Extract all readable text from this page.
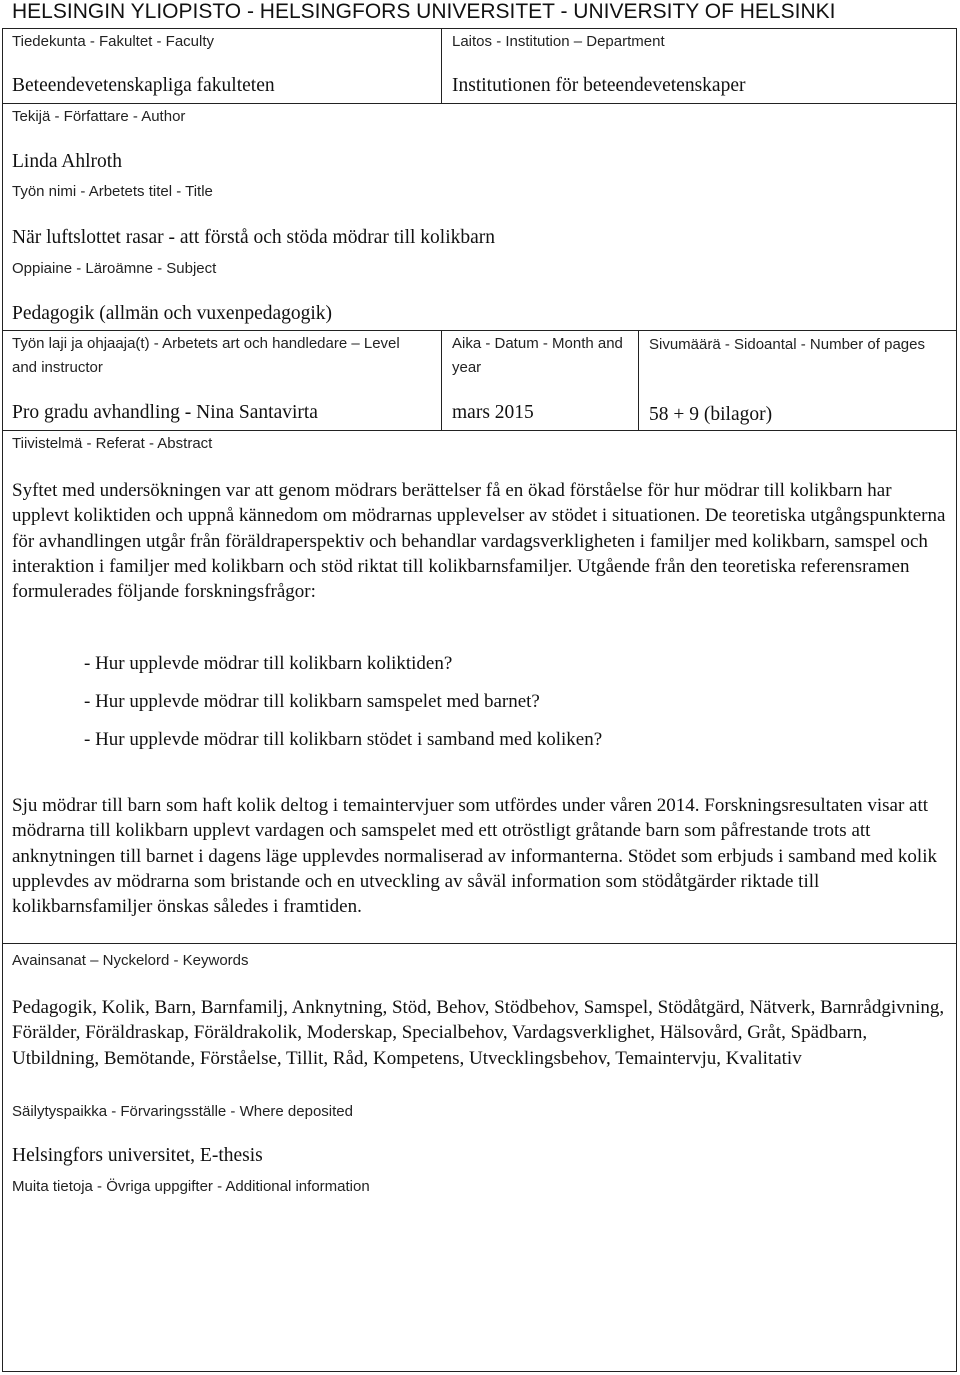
HELSINGIN YLIOPISTO - HELSINGFORS UNIVERSITET - UNIVERSITY OF HELSINKI
Tiedekunta - Fakultet - Faculty
Beteendevetenskapliga fakulteten
Laitos - Institution – Department
Institutionen för beteendevetenskaper
Tekijä - Författare - Author
Linda Ahlroth
Työn nimi - Arbetets titel - Title
När luftslottet rasar - att förstå och stöda mödrar till kolikbarn
Oppiaine - Läroämne - Subject
Pedagogik (allmän och vuxenpedagogik)
Työn laji ja ohjaaja(t) - Arbetets art och handledare – Level and instructor
Pro gradu avhandling - Nina Santavirta
Aika - Datum - Month and year
mars 2015
Sivumäärä - Sidoantal - Number of pages
58 + 9 (bilagor)
Tiivistelmä - Referat - Abstract
Syftet med undersökningen var att genom mödrars berättelser få en ökad förståelse för hur mödrar till kolikbarn har upplevt koliktiden och uppnå kännedom om mödrarnas upplevelser av stödet i situationen. De teoretiska utgångspunkterna för avhandlingen utgår från föräldraperspektiv och behandlar vardagsverkligheten i familjer med kolikbarn, samspel och interaktion i familjer med kolikbarn och stöd riktat till kolikbarnsfamiljer. Utgående från den teoretiska referensramen formulerades följande forskningsfrågor:
- Hur upplevde mödrar till kolikbarn koliktiden?
- Hur upplevde mödrar till kolikbarn samspelet med barnet?
- Hur upplevde mödrar till kolikbarn stödet i samband med koliken?
Sju mödrar till barn som haft kolik deltog i temaintervjuer som utfördes under våren 2014. Forskningsresultaten visar att mödrarna till kolikbarn upplevt vardagen och samspelet med ett otröstligt gråtande barn som påfrestande trots att anknytningen till barnet i dagens läge upplevdes normaliserad av informanterna. Stödet som erbjuds i samband med kolik upplevdes av mödrarna som bristande och en utveckling av såväl information som stödåtgärder riktade till kolikbarnsfamiljer önskas således i framtiden.
Avainsanat – Nyckelord - Keywords
Pedagogik, Kolik, Barn, Barnfamilj, Anknytning, Stöd, Behov, Stödbehov, Samspel, Stödåtgärd, Nätverk, Barnrådgivning, Förälder, Föräldraskap, Föräldrakolik, Moderskap, Specialbehov, Vardagsverklighet, Hälsovård, Gråt, Spädbarn, Utbildning, Bemötande, Förståelse, Tillit, Råd, Kompetens, Utvecklingsbehov, Temaintervju, Kvalitativ
Säilytyspaikka - Förvaringsställe - Where deposited
Helsingfors universitet, E-thesis
Muita tietoja - Övriga uppgifter - Additional information
